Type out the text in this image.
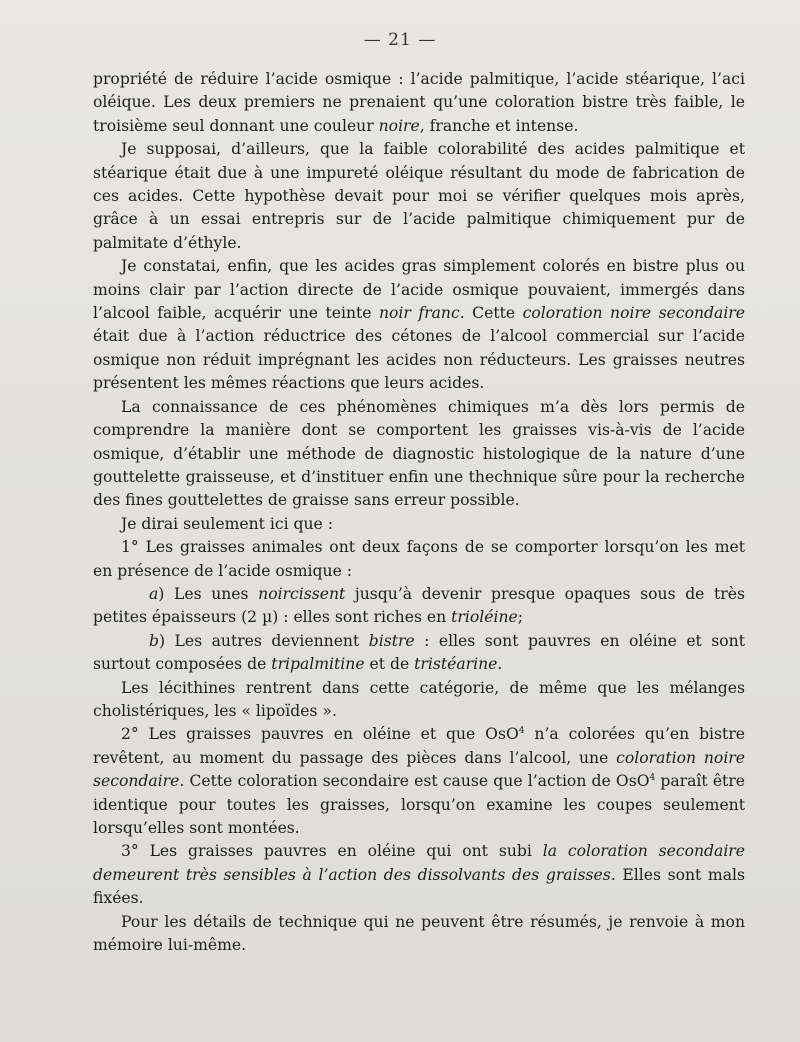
— 21 —

propriété de réduire l’acide osmique : l’acide palmitique, l’acide stéarique, l’aci oléique. Les deux premiers ne prenaient qu’une coloration bistre très faible, le troisième seul donnant une couleur noire, franche et intense.

Je supposai, d’ailleurs, que la faible colorabilité des acides palmitique et stéarique était due à une impureté oléique résultant du mode de fabrication de ces acides. Cette hypothèse devait pour moi se vérifier quelques mois après, grâce à un essai entrepris sur de l’acide palmitique chimiquement pur de palmitate d’éthyle.

Je constatai, enfin, que les acides gras simplement colorés en bistre plus ou moins clair par l’action directe de l’acide osmique pouvaient, immergés dans l’alcool faible, acquérir une teinte noir franc. Cette coloration noire secondaire était due à l’action réductrice des cétones de l’alcool commercial sur l’acide osmique non réduit imprégnant les acides non réducteurs. Les graisses neutres présentent les mêmes réactions que leurs acides.

La connaissance de ces phénomènes chimiques m’a dès lors permis de comprendre la manière dont se comportent les graisses vis-à-vis de l’acide osmique, d’établir une méthode de diagnostic histologique de la nature d’une gouttelette graisseuse, et d’instituer enfin une thechnique sûre pour la recherche des fines gouttelettes de graisse sans erreur possible.

Je dirai seulement ici que :

1° Les graisses animales ont deux façons de se comporter lorsqu’on les met en présence de l’acide osmique :

a) Les unes noircissent jusqu’à devenir presque opaques sous de très petites épaisseurs (2 µ) : elles sont riches en trioléine;

b) Les autres deviennent bistre : elles sont pauvres en oléine et sont surtout composées de tripalmitine et de tristéarine.

Les lécithines rentrent dans cette catégorie, de même que les mélanges cholistériques, les « lipoïdes ».

2° Les graisses pauvres en oléine et que OsO$^4$ n’a colorées qu’en bistre revêtent, au moment du passage des pièces dans l’alcool, une coloration noire secondaire. Cette coloration secondaire est cause que l’action de OsO$^4$ paraît être identique pour toutes les graisses, lorsqu’on examine les coupes seulement lorsqu’elles sont montées.

3° Les graisses pauvres en oléine qui ont subi la coloration secondaire demeurent très sensibles à l’action des dissolvants des graisses. Elles sont mals fixées.

Pour les détails de technique qui ne peuvent être résumés, je renvoie à mon mémoire lui-même.
